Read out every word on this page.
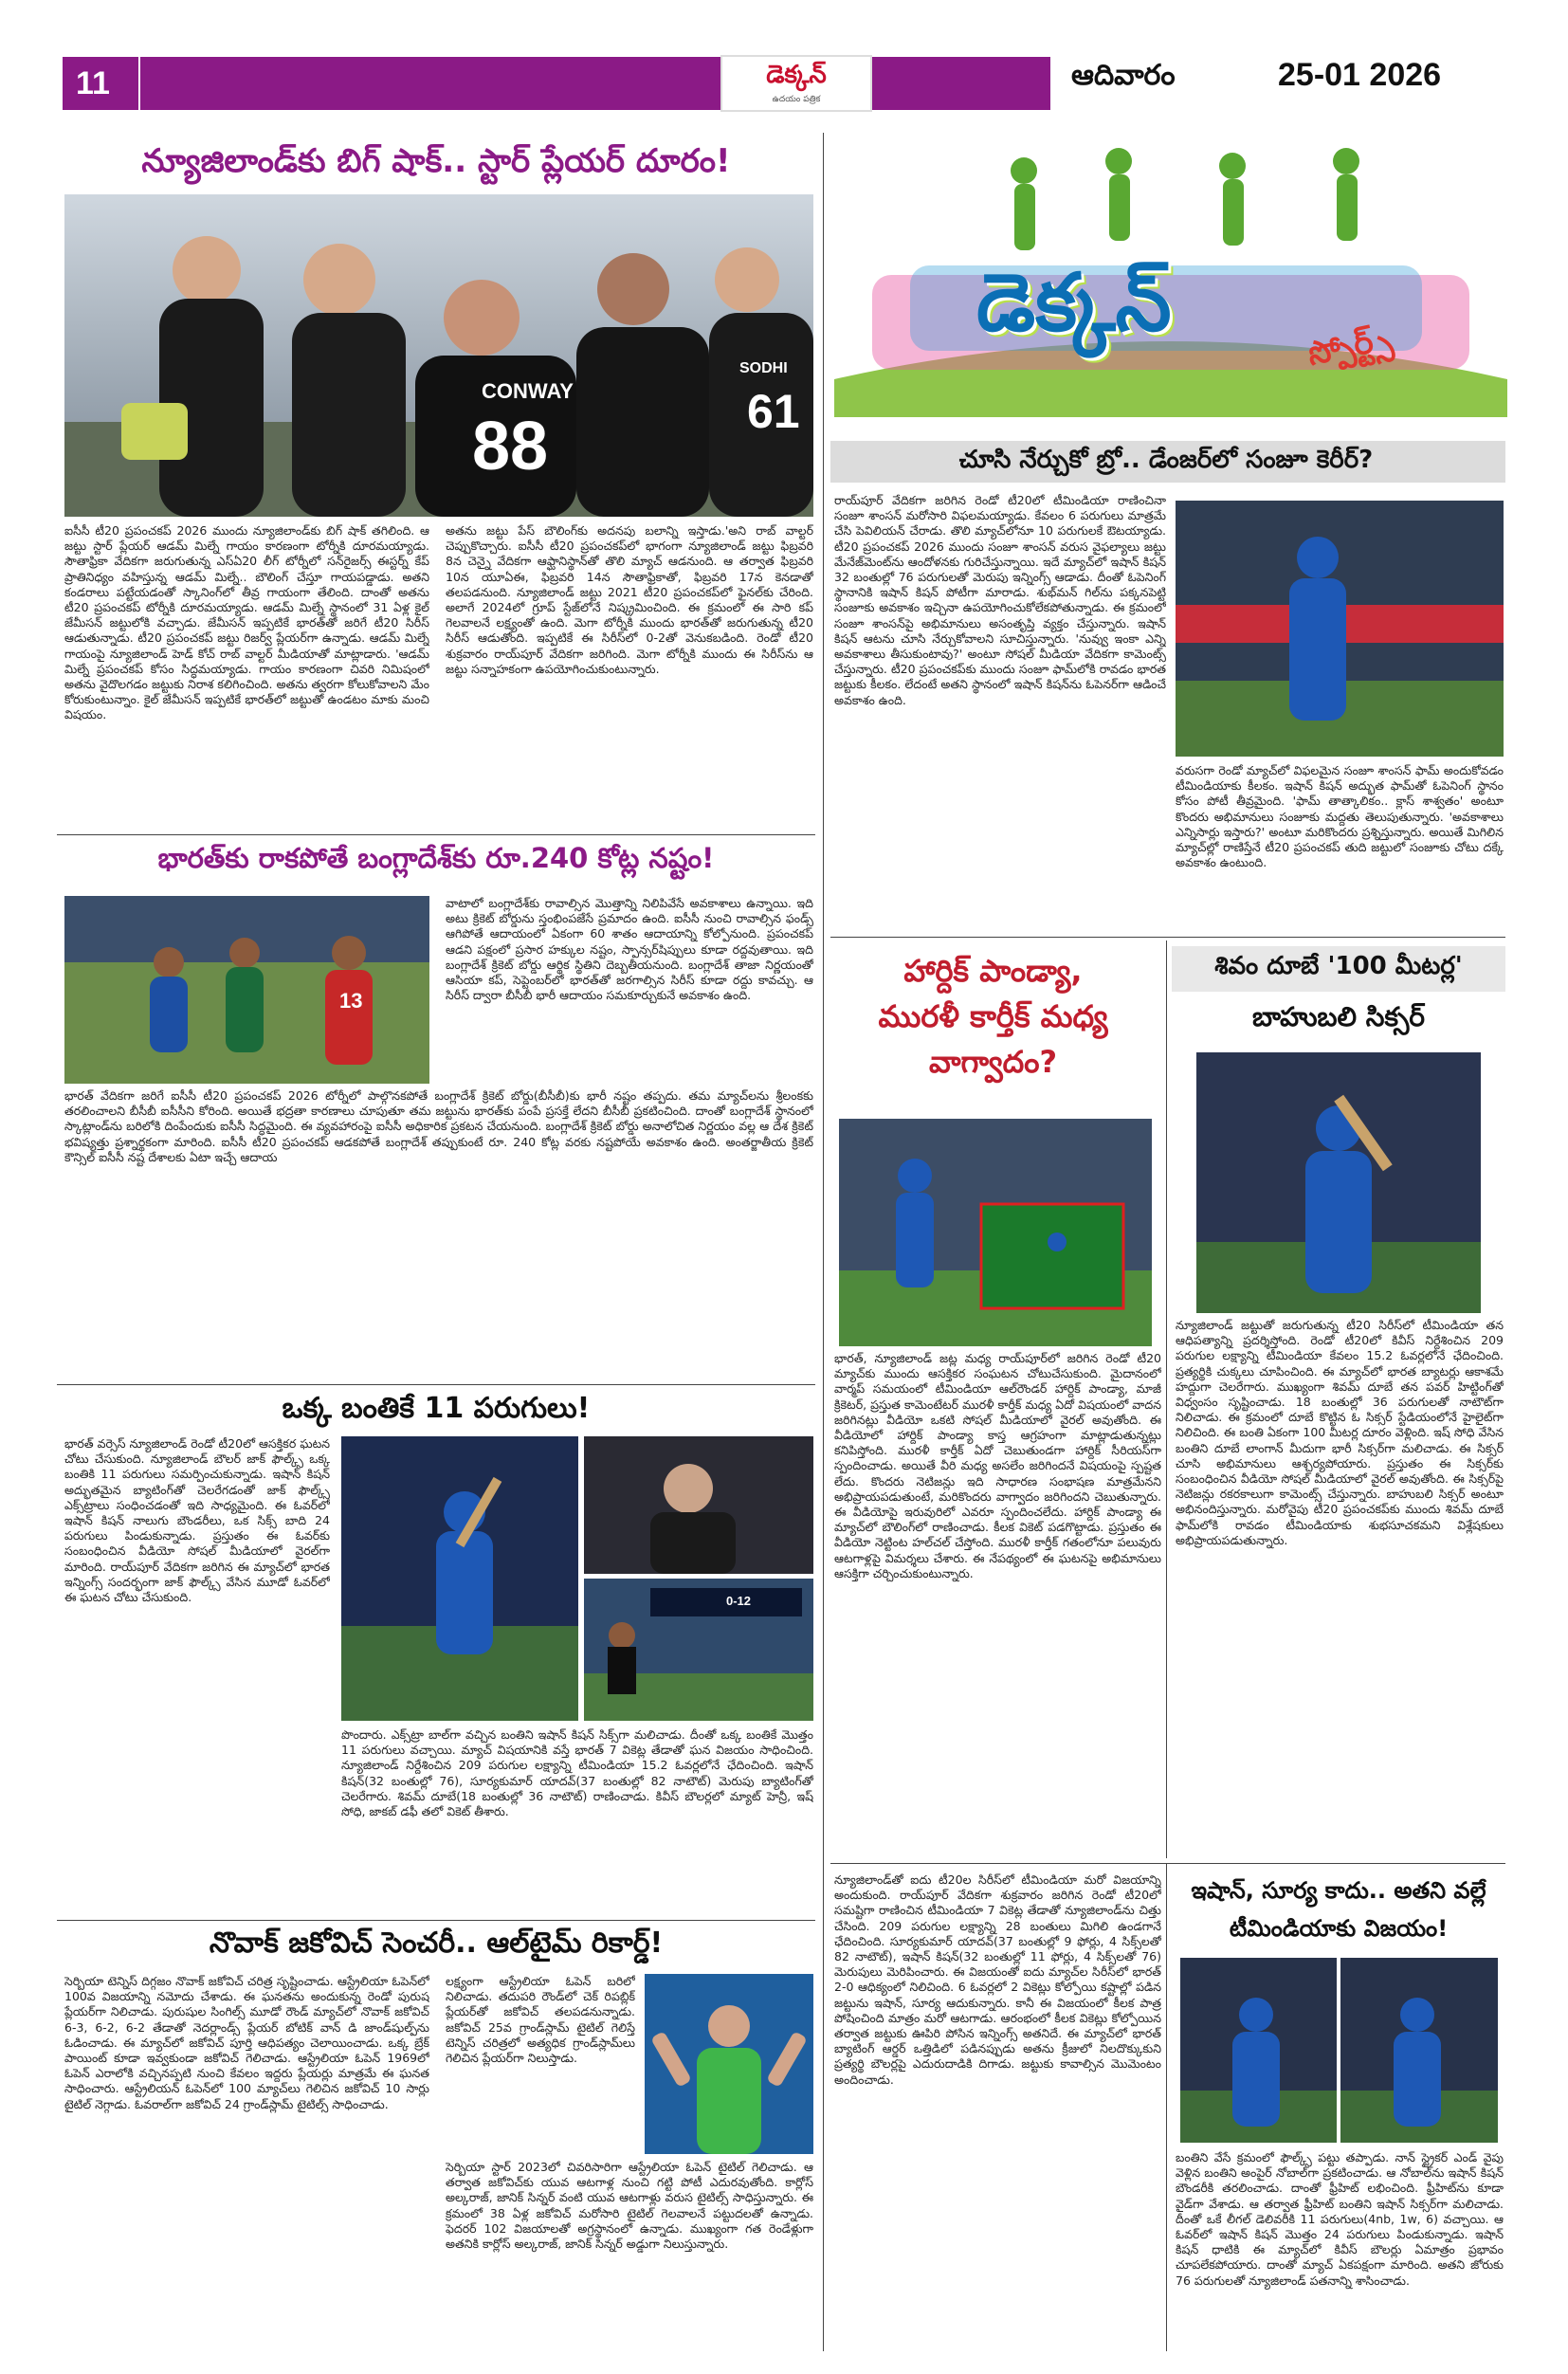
11	డెక్కన్
ఉదయం పత్రిక
ఆదివారం	25-01 2026
న్యూజిలాండ్‌కు బిగ్ షాక్.. స్టార్ ప్లేయర్ దూరం!
CONWAY
88
SODHI
61
ఐసీసీ టీ20 ప్రపంచకప్ 2026 ముందు న్యూజిలాండ్‌కు బిగ్ షాక్ తగిలింది. ఆ జట్టు స్టార్ ప్లేయర్ ఆడమ్ మిల్నే గాయం కారణంగా టోర్నీకి దూరమయ్యాడు. సౌతాఫ్రికా వేదికగా జరుగుతున్న ఎస్ఏ20 లీగ్ టోర్నీలో సన్‌రైజర్స్ ఈస్టర్న్ కేప్ ప్రాతినిధ్యం వహిస్తున్న ఆడమ్ మిల్నే.. బౌలింగ్ చేస్తూ గాయపడ్డాడు. అతని కండరాలు పట్టేయడంతో స్కానింగ్‌లో తీవ్ర గాయంగా తేలింది. దాంతో అతను టీ20 ప్రపంచకప్ టోర్నీకి దూరమయ్యాడు. ఆడమ్ మిల్నే స్థానంలో 31 ఏళ్ల కైల్ జేమీసన్ జట్టులోకి వచ్చాడు. జేమీసన్ ఇప్పటికే భారత్‌తో జరిగే టీ20 సిరీస్ ఆడుతున్నాడు. టీ20 ప్రపంచకప్ జట్టు రిజర్వ్ ప్లేయర్‌గా ఉన్నాడు. ఆడమ్ మిల్నే గాయంపై న్యూజిలాండ్ హెడ్ కోచ్ రాబ్ వాల్టర్ మీడియాతో మాట్లాడారు. 'ఆడమ్ మిల్నే ప్రపంచకప్ కోసం సిద్ధమయ్యాడు. గాయం కారణంగా చివరి నిమిషంలో అతను వైదొలగడం జట్టుకు నిరాశ కలిగించింది. అతను త్వరగా కోలుకోవాలని మేం కోరుకుంటున్నాం. కైల్ జేమీసన్ ఇప్పటికే భారత్‌లో జట్టుతో ఉండటం మాకు మంచి విషయం.
అతను జట్టు పేస్ బౌలింగ్‌కు అదనపు బలాన్ని ఇస్తాడు.'అని రాబ్ వాల్టర్ చెప్పుకొచ్చారు. ఐసీసీ టీ20 ప్రపంచకప్‌లో భాగంగా న్యూజిలాండ్ జట్టు ఫిబ్రవరి 8న చెన్నై వేదికగా ఆఫ్ఘానిస్థాన్‌తో తొలి మ్యాచ్ ఆడనుంది. ఆ తర్వాత ఫిబ్రవరి 10న యూఏఈ, ఫిబ్రవరి 14న సౌతాఫ్రికాతో, ఫిబ్రవరి 17న కెనడాతో తలపడనుంది. న్యూజిలాండ్ జట్టు 2021 టీ20 ప్రపంచకప్‌లో ఫైనల్‌కు చేరింది. అలాగే 2024లో గ్రూప్ స్టేజ్‌లోనే నిష్క్రమించింది. ఈ క్రమంలో ఈ సారి కప్ గెలవాలనే లక్ష్యంతో ఉంది. మెగా టోర్నీకి ముందు భారత్‌తో జరుగుతున్న టీ20 సిరీస్ ఆడుతోంది. ఇప్పటికే ఈ సిరీస్‌లో 0-2తో వెనుకబడింది. రెండో టీ20 శుక్రవారం రాయ్‌పూర్ వేదికగా జరిగింది. మెగా టోర్నీకి ముందు ఈ సిరీస్‌ను ఆ జట్టు సన్నాహకంగా ఉపయోగించుకుంటున్నారు.
భారత్‌కు రాకపోతే బంగ్లాదేశ్‌కు రూ.240 కోట్ల నష్టం!
13
వాటాలో బంగ్లాదేశ్‌కు రావాల్సిన మొత్తాన్ని నిలిపివేసే అవకాశాలు ఉన్నాయి. ఇది అటు క్రికెట్ బోర్డును స్తంభింపజేసే ప్రమాదం ఉంది. ఐసీసీ నుంచి రావాల్సిన ఫండ్స్ ఆగిపోతే ఆదాయంలో ఏకంగా 60 శాతం ఆదాయాన్ని కోల్పోనుంది. ప్రపంచకప్ ఆడని పక్షంలో ప్రసార హక్కుల నష్టం, స్పాన్సర్‌షిప్పులు కూడా రద్దవుతాయి. ఇది బంగ్లాదేశ్ క్రికెట్ బోర్డు ఆర్థిక స్థితిని దెబ్బతీయనుంది. బంగ్లాదేశ్ తాజా నిర్ణయంతో ఆసియా కప్, సెప్టెంబర్‌లో భారత్‌తో జరగాల్సిన సిరీస్ కూడా రద్దు కావచ్చు. ఆ సిరీస్ ద్వారా బీసీబీ భారీ ఆదాయం సమకూర్చుకునే అవకాశం ఉంది.
భారత్ వేదికగా జరిగే ఐసీసీ టీ20 ప్రపంచకప్ 2026 టోర్నీలో పాల్గొనకపోతే బంగ్లాదేశ్ క్రికెట్ బోర్డు(బీసీబీ)కు భారీ నష్టం తప్పదు. తమ మ్యాచ్‌లను శ్రీలంకకు తరలించాలని బీసీబీ ఐసీసీని కోరింది. అయితే భద్రతా కారణాలు చూపుతూ తమ జట్టును భారత్‌కు పంపే ప్రసక్తే లేదని బీసీబీ ప్రకటించింది. దాంతో బంగ్లాదేశ్ స్థానంలో స్కాట్లాండ్‌ను బరిలోకి దింపేందుకు ఐసీసీ సిద్ధమైంది. ఈ వ్యవహారంపై ఐసీసీ అధికారిక ప్రకటన చేయనుంది. బంగ్లాదేశ్ క్రికెట్ బోర్డు అనాలోచిత నిర్ణయం వల్ల ఆ దేశ క్రికెట్ భవిష్యత్తు ప్రశ్నార్థకంగా మారింది. ఐసీసీ టీ20 ప్రపంచకప్ ఆడకపోతే బంగ్లాదేశ్ తప్పుకుంటే రూ. 240 కోట్ల వరకు నష్టపోయే అవకాశం ఉంది. అంతర్జాతీయ క్రికెట్ కౌన్సిల్ ఐసీసీ నష్ట దేశాలకు ఏటా ఇచ్చే ఆదాయ
ఒక్క బంతికే 11 పరుగులు!
భారత్ వర్సెస్ న్యూజిలాండ్ రెండో టీ20లో ఆసక్తికర ఘటన చోటు చేసుకుంది. న్యూజిలాండ్ బౌలర్ జాక్ ఫౌల్క్స్ ఒక్క బంతికి 11 పరుగులు సమర్పించుకున్నాడు. ఇషాన్ కిషన్ అద్భుతమైన బ్యాటింగ్‌తో చెలరేగడంతో జాక్ ఫౌల్క్స్ ఎక్స్‌ట్రాలు సంధించడంతో ఇది సాధ్యమైంది. ఈ ఓవర్‌లో ఇషాన్ కిషన్ నాలుగు బౌండరీలు, ఒక సిక్స్ బాది 24 పరుగులు పిండుకున్నాడు. ప్రస్తుతం ఈ ఓవర్‌కు సంబంధించిన వీడియో సోషల్ మీడియాలో వైరల్‌గా మారింది. రాయ్‌పూర్ వేదికగా జరిగిన ఈ మ్యాచ్‌లో భారత ఇన్నింగ్స్ సందర్భంగా జాక్ ఫౌల్క్స్ వేసిన మూడో ఓవర్‌లో ఈ ఘటన చోటు చేసుకుంది.	0-12
పొందారు. ఎక్స్‌ట్రా బాల్‌గా వచ్చిన బంతిని ఇషాన్ కిషన్ సిక్స్‌గా మలిచాడు. దీంతో ఒక్క బంతికే మొత్తం 11 పరుగులు వచ్చాయి. మ్యాచ్ విషయానికి వస్తే భారత్ 7 వికెట్ల తేడాతో ఘన విజయం సాధించింది. న్యూజిలాండ్ నిర్దేశించిన 209 పరుగుల లక్ష్యాన్ని టీమిండియా 15.2 ఓవర్లలోనే ఛేదించింది. ఇషాన్ కిషన్(32 బంతుల్లో 76), సూర్యకుమార్ యాదవ్(37 బంతుల్లో 82 నాటౌట్) మెరుపు బ్యాటింగ్‌తో చెలరేగారు. శివమ్ దూబే(18 బంతుల్లో 36 నాటౌట్) రాణించాడు. కివీస్ బౌలర్లలో మ్యాట్ హెన్రీ, ఇష్ సోధి, జాకబ్ డఫీ తలో వికెట్ తీశారు.
నొవాక్ జకోవిచ్ సెంచరీ.. ఆల్‌టైమ్ రికార్డ్!
సెర్బియా టెన్నిస్ దిగ్గజం నొవాక్ జకోవిచ్ చరిత్ర సృష్టించాడు. ఆస్ట్రేలియా ఓపెన్‌లో 100వ విజయాన్ని నమోదు చేశాడు. ఈ ఘనతను అందుకున్న రెండో పురుష ప్లేయర్‌గా నిలిచాడు. పురుషుల సింగిల్స్ మూడో రౌండ్ మ్యాచ్‌లో నొవాక్ జకోవిచ్ 6-3, 6-2, 6-2 తేడాతో నెదర్లాండ్స్ ప్లేయర్ బోటిక్ వాన్ డి జాండ్‌షుల్ప్‌ను ఓడించాడు. ఈ మ్యాచ్‌లో జకోవిచ్ పూర్తి ఆధిపత్యం చెలాయించాడు. ఒక్క బ్రేక్ పాయింట్ కూడా ఇవ్వకుండా జకోవిచ్ గెలిచాడు. ఆస్ట్రేలియా ఓపెన్ 1969లో ఓపెన్ ఎరాలోకి వచ్చినప్పటి నుంచి కేవలం ఇద్దరు ప్లేయర్లు మాత్రమే ఈ ఘనత సాధించారు. ఆస్ట్రేలియన్ ఓపెన్‌లో 100 మ్యాచ్‌లు గెలిచిన జకోవిచ్ 10 సార్లు టైటిల్ నెగ్గాడు. ఓవరాల్‌గా జకోవిచ్ 24 గ్రాండ్‌స్లామ్ టైటిల్స్ సాధించాడు.
లక్ష్యంగా ఆస్ట్రేలియా ఓపెన్ బరిలో నిలిచాడు. తదుపరి రౌండ్‌లో చెక్ రిపబ్లిక్ ప్లేయర్‌తో జకోవిచ్ తలపడనున్నాడు. జకోవిచ్ 25వ గ్రాండ్‌స్లామ్ టైటిల్ గెలిస్తే టెన్నిస్ చరిత్రలో అత్యధిక గ్రాండ్‌స్లామ్‌లు గెలిచిన ప్లేయర్‌గా నిలుస్తాడు.
సెర్బియా స్టార్ 2023లో చివరిసారిగా ఆస్ట్రేలియా ఓపెన్ టైటిల్ గెలిచాడు. ఆ తర్వాత జకోవిచ్‌కు యువ ఆటగాళ్ల నుంచి గట్టి పోటీ ఎదురవుతోంది. కార్లోస్ అల్కరాజ్, జానిక్ సిన్నర్ వంటి యువ ఆటగాళ్లు వరుస టైటిల్స్ సాధిస్తున్నారు. ఈ క్రమంలో 38 ఏళ్ల జకోవిచ్ మరోసారి టైటిల్ గెలవాలనే పట్టుదలతో ఉన్నాడు. ఫెదరర్ 102 విజయాలతో అగ్రస్థానంలో ఉన్నాడు. ముఖ్యంగా గత రెండేళ్లుగా అతనికి కార్లోస్ అల్కరాజ్, జానిక్ సిన్నర్ అడ్డుగా నిలుస్తున్నారు.
డెక్కన్	స్పోర్ట్స్
చూసి నేర్చుకో బ్రో.. డేంజర్‌లో సంజూ కెరీర్?
రాయ్‌పూర్ వేదికగా జరిగిన రెండో టీ20లో టీమిండియా రాణించినా సంజూ శాంసన్ మరోసారి విఫలమయ్యాడు. కేవలం 6 పరుగులు మాత్రమే చేసి పెవిలియన్ చేరాడు. తొలి మ్యాచ్‌లోనూ 10 పరుగులకే ఔటయ్యాడు. టీ20 ప్రపంచకప్ 2026 ముందు సంజూ శాంసన్ వరుస వైఫల్యాలు జట్టు మేనేజ్‌మెంట్‌ను ఆందోళనకు గురిచేస్తున్నాయి. ఇదే మ్యాచ్‌లో ఇషాన్ కిషన్ 32 బంతుల్లో 76 పరుగులతో మెరుపు ఇన్నింగ్స్ ఆడాడు. దీంతో ఓపెనింగ్ స్థానానికి ఇషాన్ కిషన్ పోటీగా మారాడు. శుభ్‌మన్ గిల్‌ను పక్కనపెట్టి సంజూకు అవకాశం ఇచ్చినా ఉపయోగించుకోలేకపోతున్నాడు. ఈ క్రమంలో సంజూ శాంసన్‌పై అభిమానులు అసంతృప్తి వ్యక్తం చేస్తున్నారు. ఇషాన్ కిషన్ ఆటను చూసి నేర్చుకోవాలని సూచిస్తున్నారు. 'నువ్వు ఇంకా ఎన్ని అవకాశాలు తీసుకుంటావు?' అంటూ సోషల్ మీడియా వేదికగా కామెంట్స్ చేస్తున్నారు. టీ20 ప్రపంచకప్‌కు ముందు సంజూ ఫామ్‌లోకి రావడం భారత జట్టుకు కీలకం. లేదంటే అతని స్థానంలో ఇషాన్ కిషన్‌ను ఓపెనర్‌గా ఆడించే అవకాశం ఉంది.
వరుసగా రెండో మ్యాచ్‌లో విఫలమైన సంజూ శాంసన్ ఫామ్ అందుకోవడం టీమిండియాకు కీలకం. ఇషాన్ కిషన్ అద్భుత ఫామ్‌తో ఓపెనింగ్ స్థానం కోసం పోటీ తీవ్రమైంది. 'ఫామ్ తాత్కాలికం.. క్లాస్ శాశ్వతం' అంటూ కొందరు అభిమానులు సంజూకు మద్దతు తెలుపుతున్నారు. 'అవకాశాలు ఎన్నిసార్లు ఇస్తారు?' అంటూ మరికొందరు ప్రశ్నిస్తున్నారు. అయితే మిగిలిన మ్యాచ్‌ల్లో రాణిస్తేనే టీ20 ప్రపంచకప్ తుది జట్టులో సంజూకు చోటు దక్కే అవకాశం ఉంటుంది.
హార్దిక్ పాండ్యా,
మురళీ కార్తీక్ మధ్య
వాగ్వాదం?
భారత్, న్యూజిలాండ్ జట్ల మధ్య రాయ్‌పూర్‌లో జరిగిన రెండో టీ20 మ్యాచ్‌కు ముందు ఆసక్తికర సంఘటన చోటుచేసుకుంది. మైదానంలో వార్మప్ సమయంలో టీమిండియా ఆల్‌రౌండర్ హార్దిక్ పాండ్యా, మాజీ క్రికెటర్, ప్రస్తుత కామెంటేటర్ మురళీ కార్తీక్ మధ్య ఏదో విషయంలో వాదన జరిగినట్లు వీడియో ఒకటి సోషల్ మీడియాలో వైరల్ అవుతోంది. ఈ వీడియోలో హార్దిక్ పాండ్యా కాస్త ఆగ్రహంగా మాట్లాడుతున్నట్లు కనిపిస్తోంది. మురళీ కార్తీక్ ఏదో చెబుతుండగా హార్దిక్ సీరియస్‌గా స్పందించాడు. అయితే వీరి మధ్య అసలేం జరిగిందనే విషయంపై స్పష్టత లేదు. కొందరు నెటిజన్లు ఇది సాధారణ సంభాషణ మాత్రమేనని అభిప్రాయపడుతుంటే, మరికొందరు వాగ్వాదం జరిగిందని చెబుతున్నారు. ఈ వీడియోపై ఇరువురిలో ఎవరూ స్పందించలేదు. హార్దిక్ పాండ్యా ఈ మ్యాచ్‌లో బౌలింగ్‌లో రాణించాడు. కీలక వికెట్ పడగొట్టాడు. ప్రస్తుతం ఈ వీడియో నెట్టింట హల్‌చల్ చేస్తోంది. మురళీ కార్తీక్ గతంలోనూ పలువురు ఆటగాళ్లపై విమర్శలు చేశారు. ఈ నేపథ్యంలో ఈ ఘటనపై అభిమానులు ఆసక్తిగా చర్చించుకుంటున్నారు.
శివం దూబే '100 మీటర్ల'
బాహుబలి సిక్సర్
న్యూజిలాండ్ జట్టుతో జరుగుతున్న టీ20 సిరీస్‌లో టీమిండియా తన ఆధిపత్యాన్ని ప్రదర్శిస్తోంది. రెండో టీ20లో కివీస్ నిర్దేశించిన 209 పరుగుల లక్ష్యాన్ని టీమిండియా కేవలం 15.2 ఓవర్లలోనే ఛేదించింది. ప్రత్యర్థికి చుక్కలు చూపించింది. ఈ మ్యాచ్‌లో భారత బ్యాటర్లు ఆకాశమే హద్దుగా చెలరేగారు. ముఖ్యంగా శివమ్ దూబే తన పవర్ హిట్టింగ్‌తో విధ్వంసం సృష్టించాడు. 18 బంతుల్లో 36 పరుగులతో నాటౌట్‌గా నిలిచాడు. ఈ క్రమంలో దూబే కొట్టిన ఓ సిక్సర్ స్టేడియంలోనే హైలైట్‌గా నిలిచింది. ఈ బంతి ఏకంగా 100 మీటర్ల దూరం వెళ్లింది. ఇష్ సోధి వేసిన బంతిని దూబే లాంగాన్ మీదుగా భారీ సిక్సర్‌గా మలిచాడు. ఈ సిక్సర్ చూసి అభిమానులు ఆశ్చర్యపోయారు. ప్రస్తుతం ఈ సిక్సర్‌కు సంబంధించిన వీడియో సోషల్ మీడియాలో వైరల్ అవుతోంది. ఈ సిక్సర్‌పై నెటిజన్లు రకరకాలుగా కామెంట్స్ చేస్తున్నారు. బాహుబలి సిక్సర్ అంటూ అభినందిస్తున్నారు. మరోవైపు టీ20 ప్రపంచకప్‌కు ముందు శివమ్ దూబే ఫామ్‌లోకి రావడం టీమిండియాకు శుభసూచకమని విశ్లేషకులు అభిప్రాయపడుతున్నారు.
న్యూజిలాండ్‌తో ఐదు టీ20ల సిరీస్‌లో టీమిండియా మరో విజయాన్ని అందుకుంది. రాయ్‌పూర్ వేదికగా శుక్రవారం జరిగిన రెండో టీ20లో సమష్టిగా రాణించిన టీమిండియా 7 వికెట్ల తేడాతో న్యూజిలాండ్‌ను చిత్తు చేసింది. 209 పరుగుల లక్ష్యాన్ని 28 బంతులు మిగిలి ఉండగానే ఛేదించింది. సూర్యకుమార్ యాదవ్(37 బంతుల్లో 9 ఫోర్లు, 4 సిక్స్‌లతో 82 నాటౌట్), ఇషాన్ కిషన్(32 బంతుల్లో 11 ఫోర్లు, 4 సిక్స్‌లతో 76) మెరుపులు మెరిపించారు. ఈ విజయంతో ఐదు మ్యాచ్‌ల సిరీస్‌లో భారత్ 2-0 ఆధిక్యంలో నిలిచింది. 6 ఓవర్లలో 2 వికెట్లు కోల్పోయి కష్టాల్లో పడిన జట్టును ఇషాన్, సూర్య ఆదుకున్నారు. కానీ ఈ విజయంలో కీలక పాత్ర పోషించింది మాత్రం మరో ఆటగాడు. ఆరంభంలో కీలక వికెట్లు కోల్పోయిన తర్వాత జట్టుకు ఊపిరి పోసిన ఇన్నింగ్స్ అతనిదే. ఈ మ్యాచ్‌లో భారత్ బ్యాటింగ్ ఆర్డర్ ఒత్తిడిలో పడినప్పుడు అతను క్రీజులో నిలదొక్కుకుని ప్రత్యర్థి బౌలర్లపై ఎదురుదాడికి దిగాడు. జట్టుకు కావాల్సిన మొమెంటం అందించాడు.
ఇషాన్, సూర్య కాదు.. అతని వల్లే
టీమిండియాకు విజయం!
బంతిని వేసే క్రమంలో ఫౌల్క్స్ పట్టు తప్పాడు. నాన్ స్ట్రైకర్ ఎండ్ వైపు వెళ్లిన బంతిని అంపైర్ నోబాల్‌గా ప్రకటించాడు. ఆ నోబాల్‌ను ఇషాన్ కిషన్ బౌండరీకి తరలించాడు. దాంతో ఫ్రీహిట్ లభించింది. ఫ్రీహిట్‌ను కూడా వైడ్‌గా వేశాడు. ఆ తర్వాత ఫ్రీహిట్ బంతిని ఇషాన్ సిక్సర్‌గా మలిచాడు. దీంతో ఒకే లీగల్ డెలివరీకి 11 పరుగులు(4nb, 1w, 6) వచ్చాయి. ఆ ఓవర్‌లో ఇషాన్ కిషన్ మొత్తం 24 పరుగులు పిండుకున్నాడు. ఇషాన్ కిషన్ ధాటికి ఈ మ్యాచ్‌లో కివీస్ బౌలర్లు ఏమాత్రం ప్రభావం చూపలేకపోయారు. దాంతో మ్యాచ్ ఏకపక్షంగా మారింది. అతని జోరుకు 76 పరుగులతో న్యూజిలాండ్ పతనాన్ని శాసించాడు.
